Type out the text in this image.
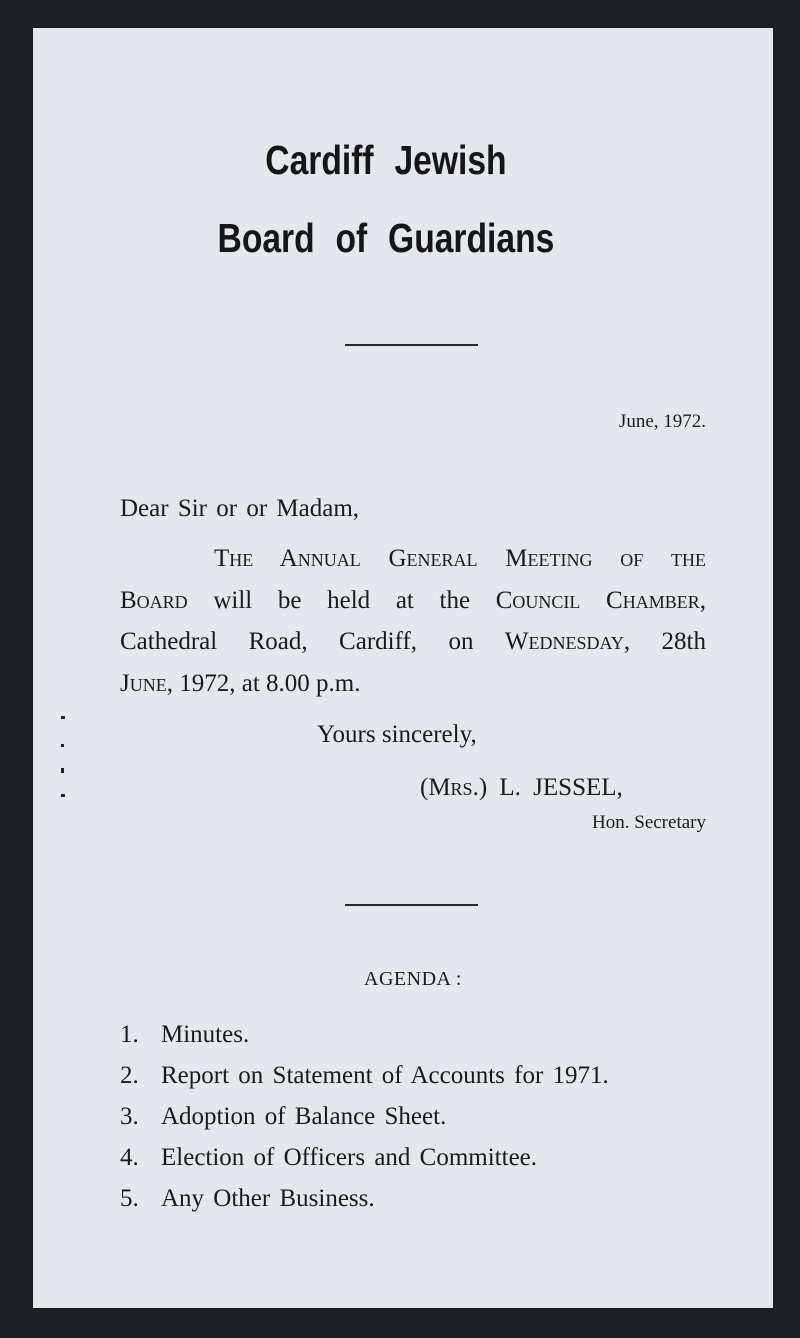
Cardiff Jewish
Board of Guardians
June, 1972.
Dear Sir or or Madam,
The Annual General Meeting of the
Board will be held at the Council Chamber,
Cathedral Road, Cardiff, on Wednesday, 28th
June, 1972, at 8.00 p.m.
Yours sincerely,
(Mrs.) L. JESSEL,
Hon. Secretary
AGENDA :
1. Minutes.
2. Report on Statement of Accounts for 1971.
3. Adoption of Balance Sheet.
4. Election of Officers and Committee.
5. Any Other Business.
